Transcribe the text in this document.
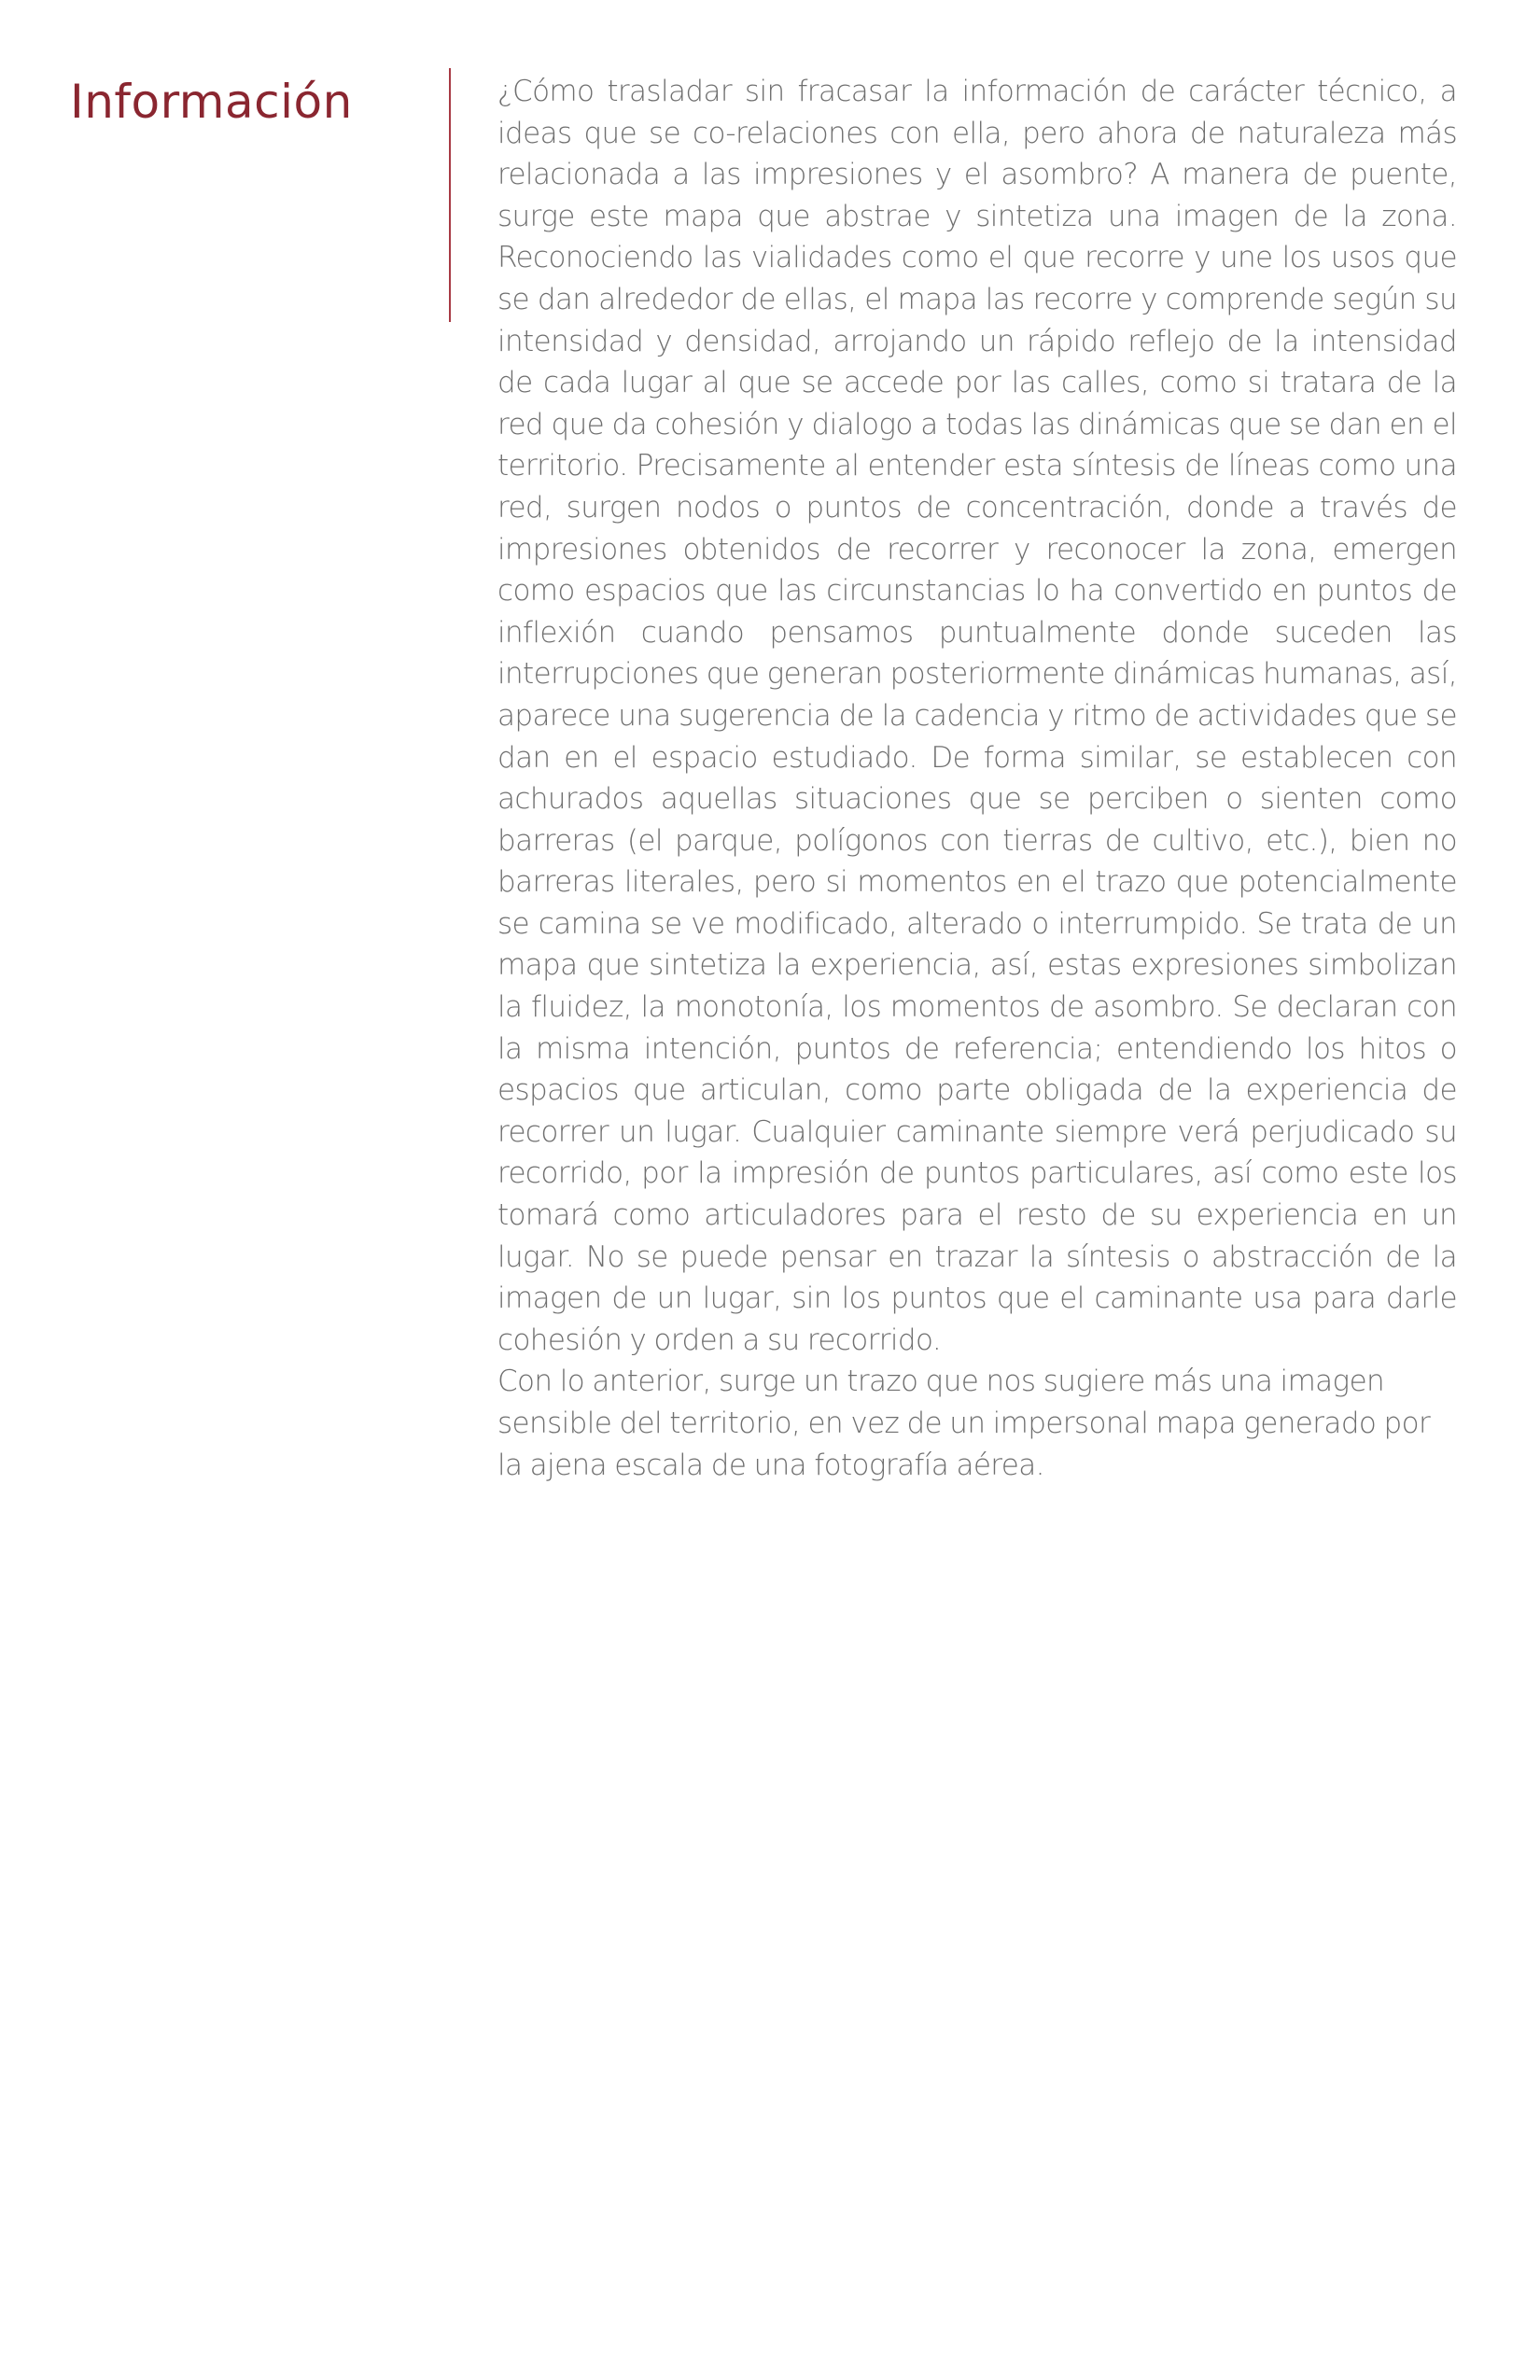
Información	¿Cómo trasladar sin fracasar la información de carácter técnico, a ideas que se co-relaciones con ella, pero ahora de naturaleza más relacionada a las impresiones y el asombro? A manera de puente, surge este mapa que abstrae y sintetiza una imagen de la zona. Reconociendo las vialidades como el que recorre y une los usos que se dan alrededor de ellas, el mapa las recorre y comprende según su intensidad y densidad, arrojando un rápido reflejo de la intensidad de cada lugar al que se accede por las calles, como si tratara de la red que da cohesión y dialogo a todas las dinámicas que se dan en el territorio. Precisamente al entender esta síntesis de líneas como una red, surgen nodos o puntos de concentración, donde a través de impresiones obtenidos de recorrer y reconocer la zona, emergen como espacios que las circunstancias lo ha convertido en puntos de inflexión cuando pensamos puntualmente donde suceden las interrupciones que generan posteriormente dinámicas humanas, así, aparece una sugerencia de la cadencia y ritmo de actividades que se dan en el espacio estudiado. De forma similar, se establecen con achurados aquellas situaciones que se perciben o sienten como barreras (el parque, polígonos con tierras de cultivo, etc.), bien no barreras literales, pero si momentos en el trazo que potencialmente se camina se ve modificado, alterado o interrumpido. Se trata de un mapa que sintetiza la experiencia, así, estas expresiones simbolizan la fluidez, la monotonía, los momentos de asombro. Se declaran con la misma intención, puntos de referencia; entendiendo los hitos o espacios que articulan, como parte obligada de la experiencia de recorrer un lugar. Cualquier caminante siempre verá perjudicado su recorrido, por la impresión de puntos particulares, así como este los tomará como articuladores para el resto de su experiencia en un lugar. No se puede pensar en trazar la síntesis o abstracción de la imagen de un lugar, sin los puntos que el caminante usa para darle cohesión y orden a su recorrido.

Con lo anterior, surge un trazo que nos sugiere más una imagen sensible del territorio, en vez de un impersonal mapa generado por la ajena escala de una fotografía aérea.
